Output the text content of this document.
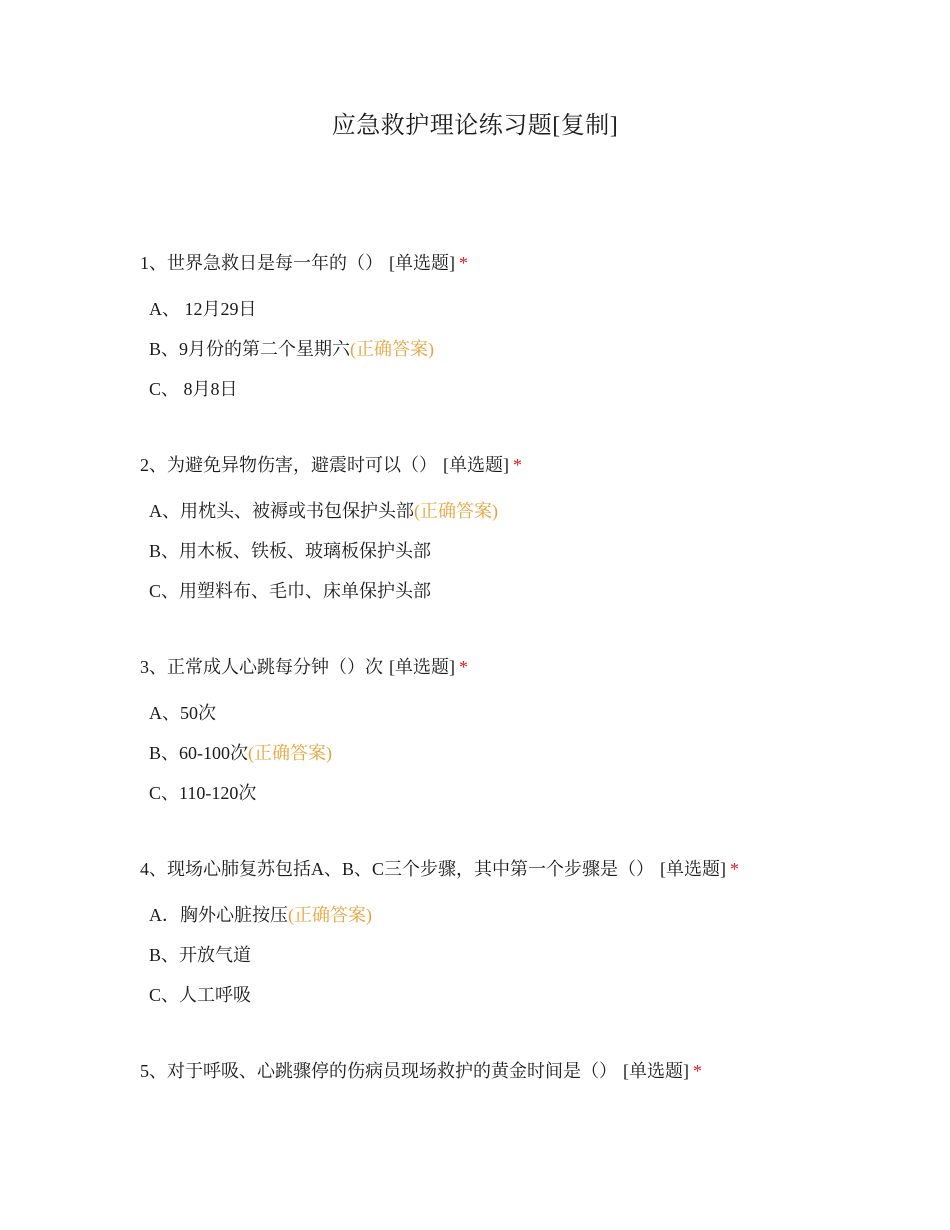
应急救护理论练习题[复制]
1、世界急救日是每一年的（） [单选题] *
A、 12月29日
B、9月份的第二个星期六(正确答案)
C、 8月8日
2、为避免异物伤害，避震时可以（） [单选题] *
A、用枕头、被褥或书包保护头部(正确答案)
B、用木板、铁板、玻璃板保护头部
C、用塑料布、毛巾、床单保护头部
3、正常成人心跳每分钟（）次 [单选题] *
A、50次
B、60-100次(正确答案)
C、110-120次
4、现场心肺复苏包括A、B、C三个步骤，其中第一个步骤是（） [单选题] *
A．胸外心脏按压(正确答案)
B、开放气道
C、人工呼吸
5、对于呼吸、心跳骤停的伤病员现场救护的黄金时间是（） [单选题] *
